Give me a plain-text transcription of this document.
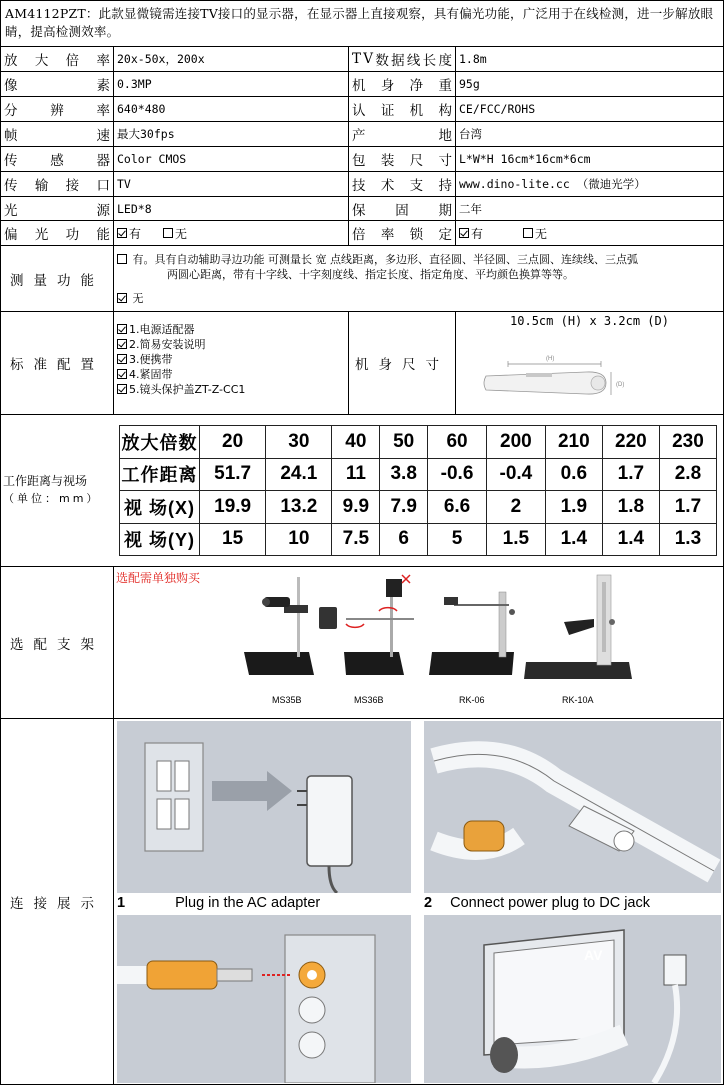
AM4112PZT：此款显微镜需连接TV接口的显示器，在显示器上直接观察，具有偏光功能，广泛用于在线检测，进一步解放眼睛，提高检测效率。
放 大 倍 率 20x-50x，200x	T V 数 据 线 长 度 1.8m
像	素 0.3MP	机 身 净 重 95g
分 辨 率 640*480	认 证 机 构 CE/FCC/ROHS
帧	速 最大30fps	产	地 台湾
传 感 器 Color CMOS	包 装 尺 寸 L*W*H 16cm*16cm*6cm
传 输 接 口 TV	技 术 支 持 www.dino-lite.cc （微迪光学）
光	源 LED*8	保 固 期 二年
偏 光 功 能 有	无	倍 率 锁 定 有	无
测量功能
有。具有自动辅助寻边功能 可测量长 宽 点线距离，多边形、直径圆、半径圆、三点圆、连续线、三点弧
两圆心距离，带有十字线、十字刻度线、指定长度、指定角度、平均颜色换算等等。
无
标准配置
1.电源适配器
2.简易安装说明
3.便携带
4.紧固带
5.镜头保护盖ZT-Z-CC1
机身尺寸
10.5cm (H) x 3.2cm (D)
(H)
(D)
工作距离与视场
（单位：mm）
放大倍数	20	30	40	50	60	200	210	220	230
工作距离	51.7	24.1	11	3.8	-0.6	-0.4	0.6	1.7	2.8
视 场(X)	19.9	13.2	9.9	7.9	6.6	2	1.9	1.8	1.7
视 场(Y)	15	10	7.5	6	5	1.5	1.4	1.4	1.3
选配支架
选配需单独购买
MS35B	MS36B	RK-06	RK-10A
连接展示 1	Plug in the AC adapter	2 Connect power plug to DC jack
AV
